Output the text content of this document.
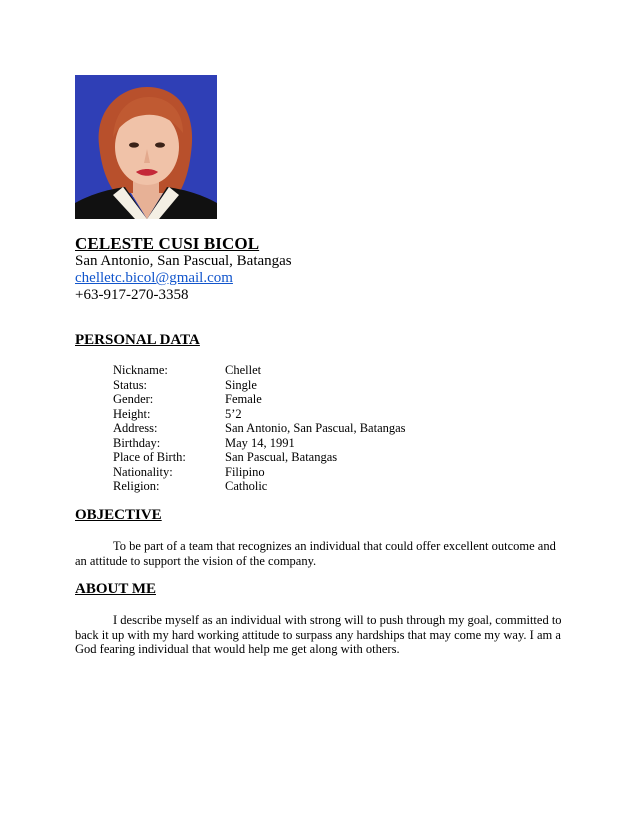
CELESTE CUSI BICOL
San Antonio, San Pascual, Batangas
chelletc.bicol@gmail.com
+63-917-270-3358
PERSONAL DATA
Nickname:	Chellet
Status:	Single
Gender:	Female
Height:	5’2
Address:	San Antonio, San Pascual, Batangas
Birthday:	May 14, 1991
Place of Birth:	San Pascual, Batangas
Nationality:	Filipino
Religion:	Catholic
OBJECTIVE
To be part of a team that recognizes an individual that could offer excellent outcome and an attitude to support the vision of the company.
ABOUT ME
I describe myself as an individual with strong will to push through my goal, committed to back it up with my hard working attitude to surpass any hardships that may come my way. I am a God fearing individual that would help me get along with others.
